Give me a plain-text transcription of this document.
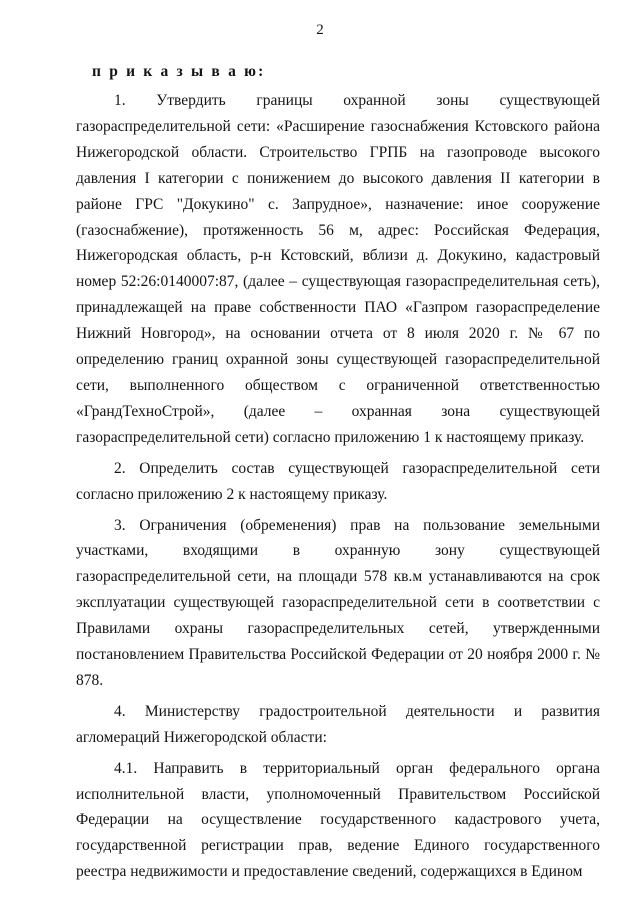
2

п р и к а з ы в а ю:

1. Утвердить границы охранной зоны существующей газораспределительной сети: «Расширение газоснабжения Кстовского района Нижегородской области. Строительство ГРПБ на газопроводе высокого давления I категории с понижением до высокого давления II категории в районе ГРС "Докукино" с. Запрудное», назначение: иное сооружение (газоснабжение), протяженность 56 м, адрес: Российская Федерация, Нижегородская область, р-н Кстовский, вблизи д. Докукино, кадастровый номер 52:26:0140007:87, (далее – существующая газораспределительная сеть), принадлежащей на праве собственности ПАО «Газпром газораспределение Нижний Новгород», на основании отчета от 8 июля 2020 г. № 67 по определению границ охранной зоны существующей газораспределительной сети, выполненного обществом с ограниченной ответственностью «ГрандТехноСтрой», (далее – охранная зона существующей газораспределительной сети) согласно приложению 1 к настоящему приказу.

2. Определить состав существующей газораспределительной сети согласно приложению 2 к настоящему приказу.

3. Ограничения (обременения) прав на пользование земельными участками, входящими в охранную зону существующей газораспределительной сети, на площади 578 кв.м устанавливаются на срок эксплуатации существующей газораспределительной сети в соответствии с Правилами охраны газораспределительных сетей, утвержденными постановлением Правительства Российской Федерации от 20 ноября 2000 г. № 878.

4. Министерству градостроительной деятельности и развития агломераций Нижегородской области:

4.1. Направить в территориальный орган федерального органа исполнительной власти, уполномоченный Правительством Российской Федерации на осуществление государственного кадастрового учета, государственной регистрации прав, ведение Единого государственного реестра недвижимости и предоставление сведений, содержащихся в Едином
